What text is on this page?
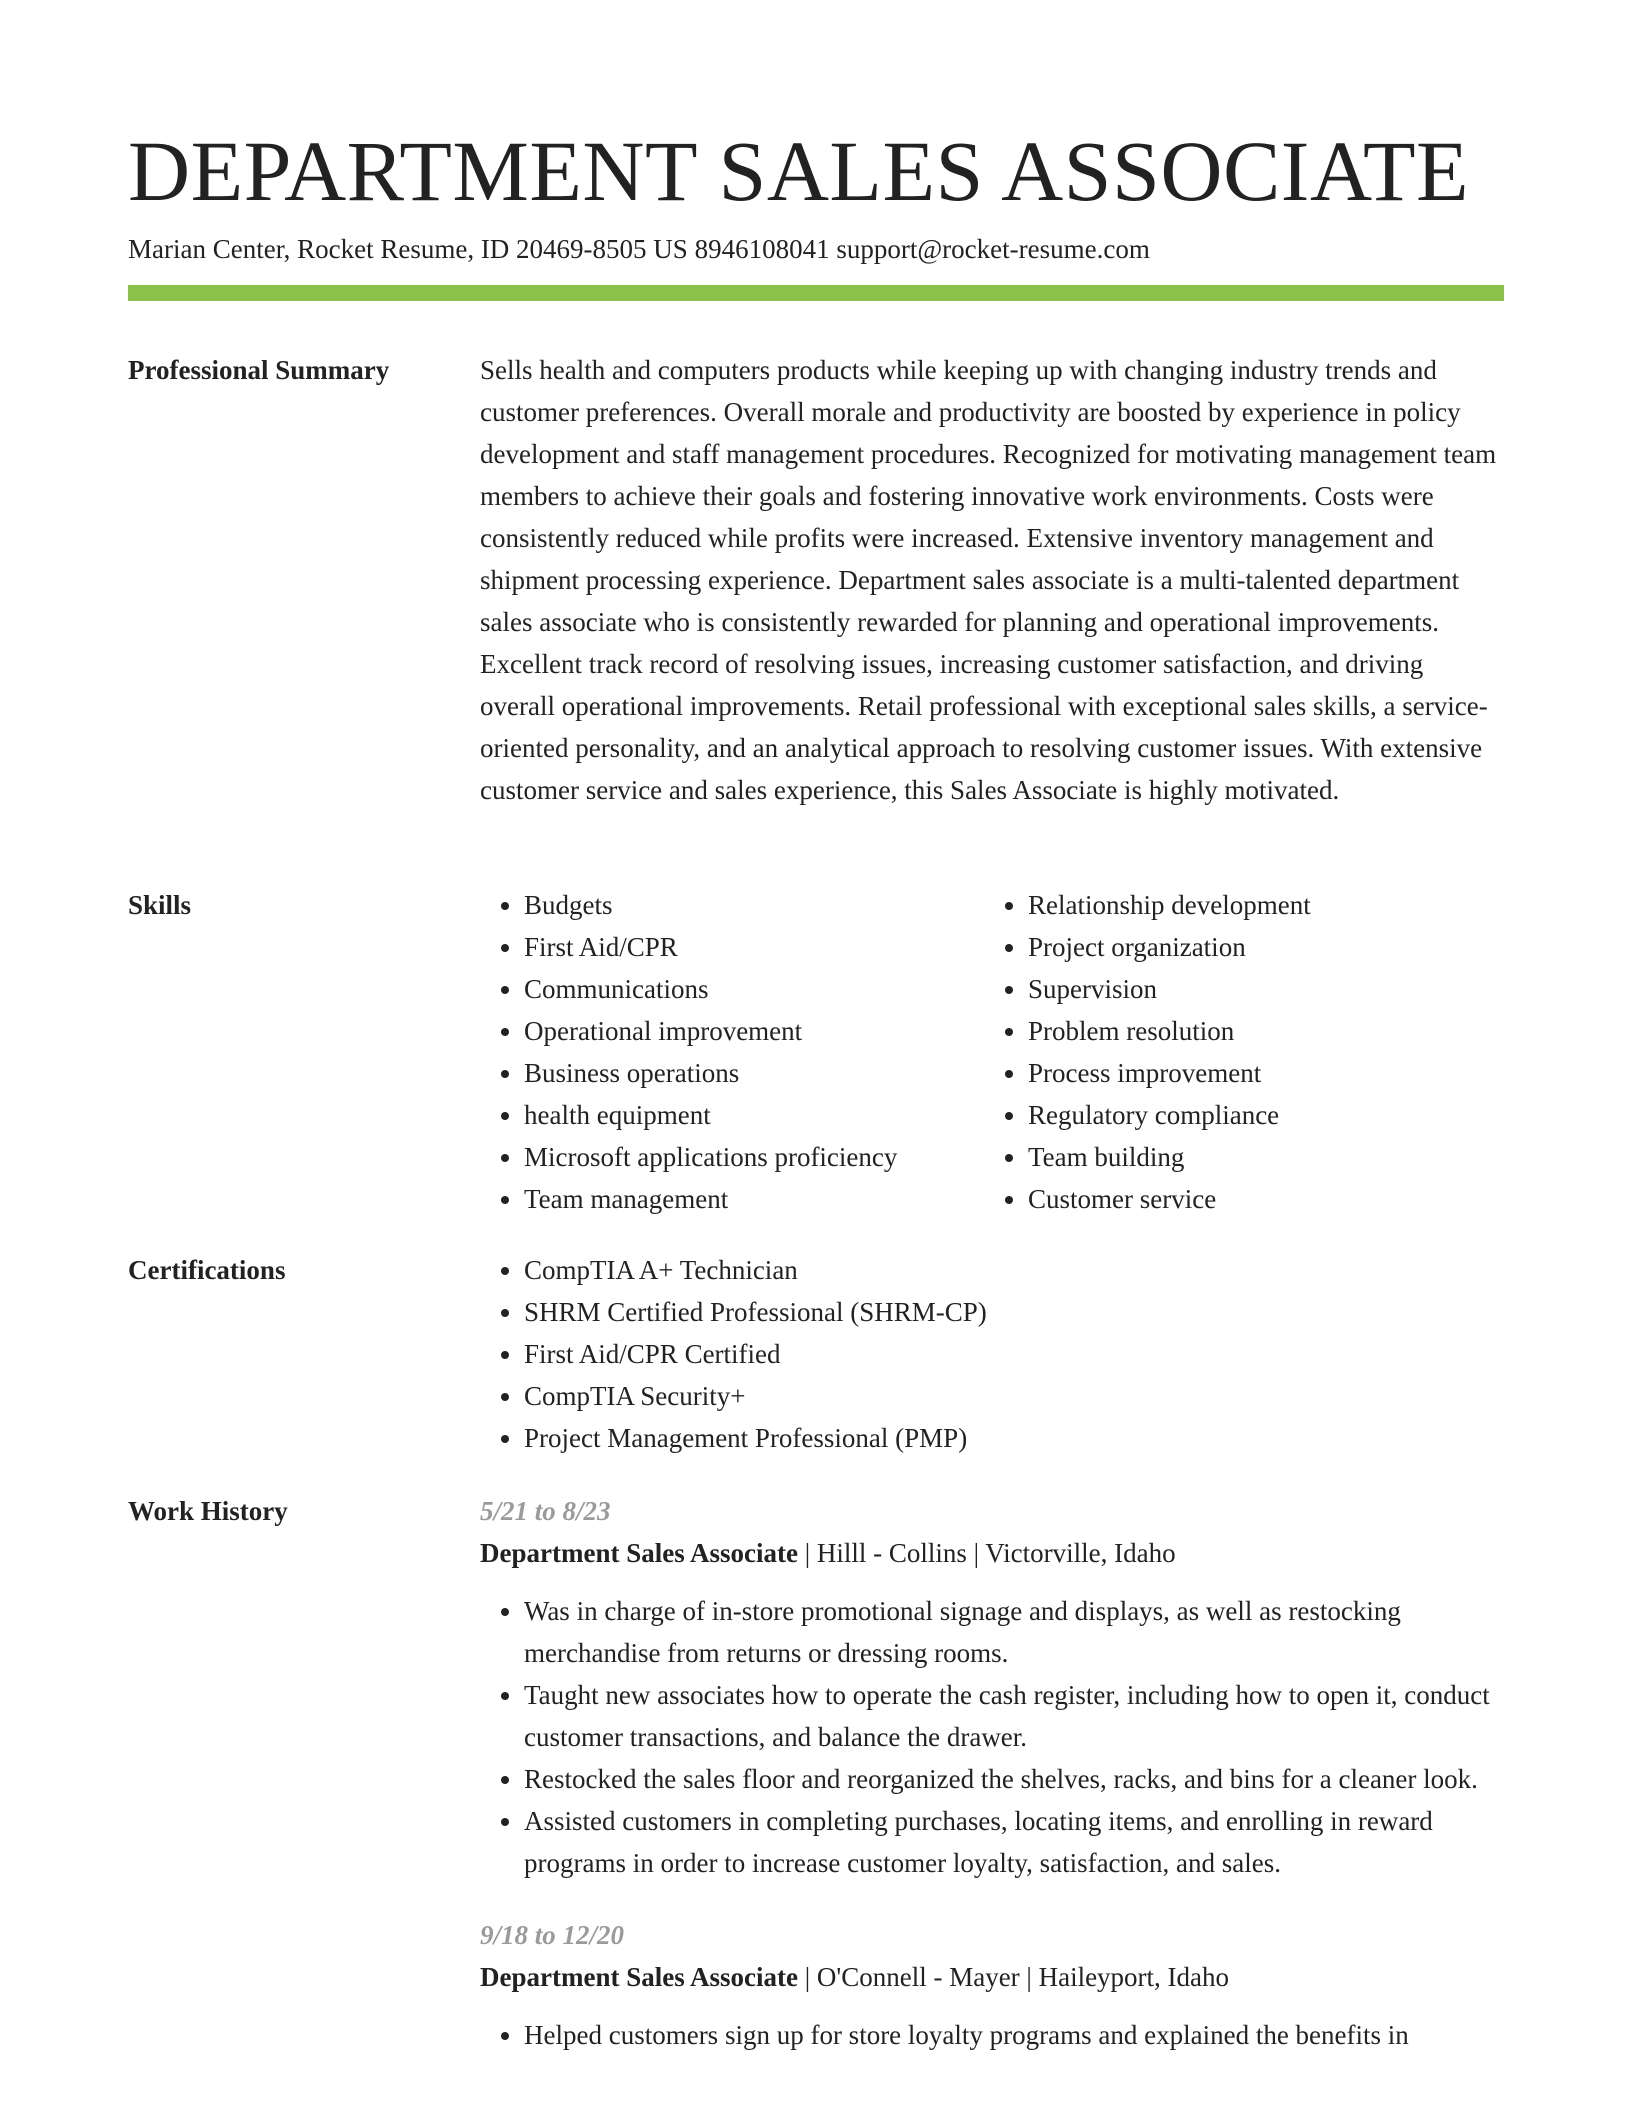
DEPARTMENT SALES ASSOCIATE
Marian Center, Rocket Resume, ID 20469-8505 US 8946108041 support@rocket-resume.com
Professional Summary	Sells health and computers products while keeping up with changing industry trends and customer preferences. Overall morale and productivity are boosted by experience in policy development and staff management procedures. Recognized for motivating management team members to achieve their goals and fostering innovative work environments. Costs were consistently reduced while profits were increased. Extensive inventory management and shipment processing experience. Department sales associate is a multi-talented department sales associate who is consistently rewarded for planning and operational improvements. Excellent track record of resolving issues, increasing customer satisfaction, and driving overall operational improvements. Retail professional with exceptional sales skills, a service-oriented personality, and an analytical approach to resolving customer issues. With extensive customer service and sales experience, this Sales Associate is highly motivated.

Skills	• Budgets
• First Aid/CPR
• Communications
• Operational improvement
• Business operations
• health equipment
• Microsoft applications proficiency
• Team management
• Relationship development
• Project organization
• Supervision
• Problem resolution
• Process improvement
• Regulatory compliance
• Team building
• Customer service
Certifications	• CompTIA A+ Technician
• SHRM Certified Professional (SHRM-CP)
• First Aid/CPR Certified
• CompTIA Security+
• Project Management Professional (PMP)
Work History	5/21 to 8/23
Department Sales Associate | Hilll - Collins | Victorville, Idaho
• Was in charge of in-store promotional signage and displays, as well as restocking merchandise from returns or dressing rooms.
• Taught new associates how to operate the cash register, including how to open it, conduct customer transactions, and balance the drawer.
• Restocked the sales floor and reorganized the shelves, racks, and bins for a cleaner look.
• Assisted customers in completing purchases, locating items, and enrolling in reward programs in order to increase customer loyalty, satisfaction, and sales.
9/18 to 12/20
Department Sales Associate | O'Connell - Mayer | Haileyport, Idaho
• Helped customers sign up for store loyalty programs and explained the benefits in
